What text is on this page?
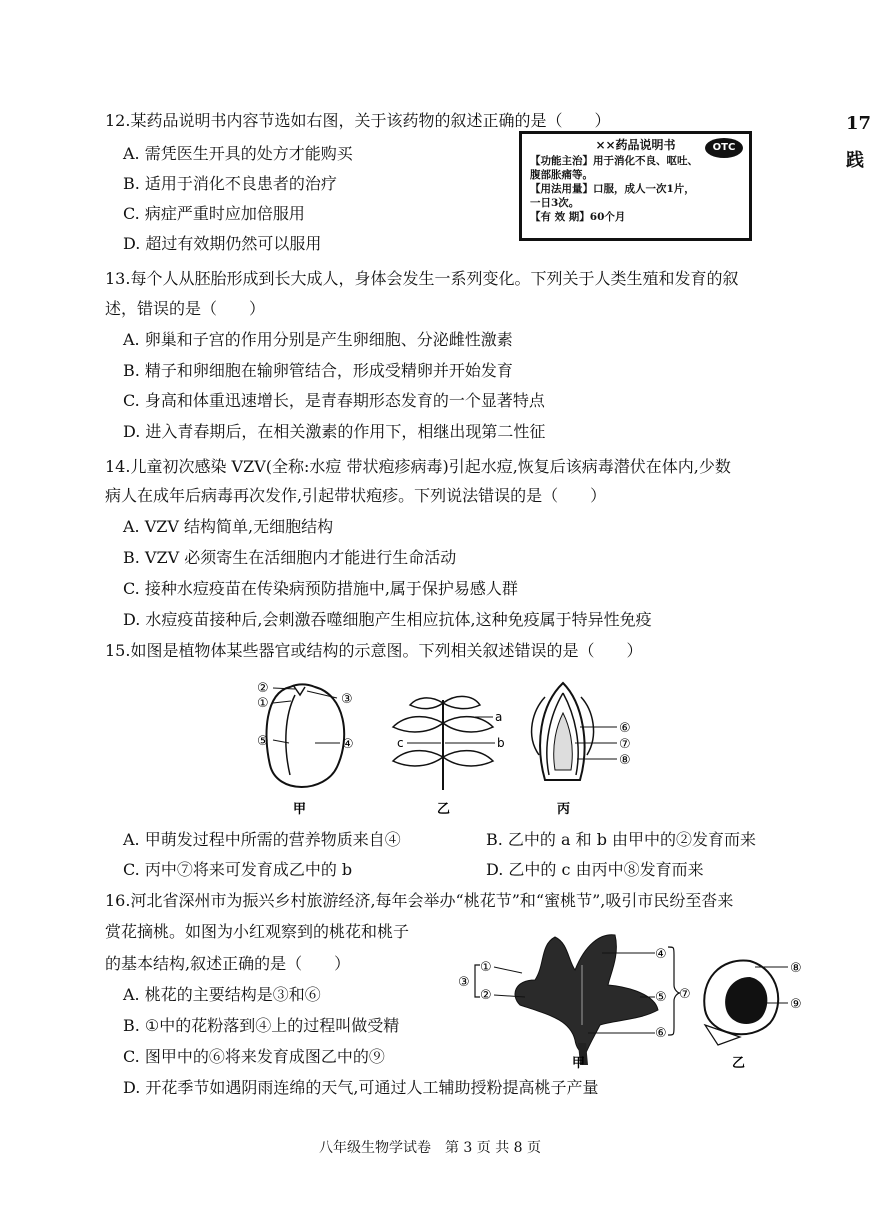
17
践
12.某药品说明书内容节选如右图，关于该药物的叙述正确的是（　　）
A. 需凭医生开具的处方才能购买
B. 适用于消化不良患者的治疗
C. 病症严重时应加倍服用
D. 超过有效期仍然可以服用
××药品说明书	OTC
【功能主治】用于消化不良、呕吐、
腹部胀痛等。
【用法用量】口服，成人一次1片，
一日3次。
【有 效 期】60个月
13.每个人从胚胎形成到长大成人，身体会发生一系列变化。下列关于人类生殖和发育的叙
述，错误的是（　　）
A. 卵巢和子宫的作用分别是产生卵细胞、分泌雌性激素
B. 精子和卵细胞在输卵管结合，形成受精卵并开始发育
C. 身高和体重迅速增长，是青春期形态发育的一个显著特点
D. 进入青春期后，在相关激素的作用下，相继出现第二性征
14.儿童初次感染 VZV(全称:水痘 带状疱疹病毒)引起水痘,恢复后该病毒潜伏在体内,少数
病人在成年后病毒再次发作,引起带状疱疹。下列说法错误的是（　　）
A. VZV 结构简单,无细胞结构
B. VZV 必须寄生在活细胞内才能进行生命活动
C. 接种水痘疫苗在传染病预防措施中,属于保护易感人群
D. 水痘疫苗接种后,会刺激吞噬细胞产生相应抗体,这种免疫属于特异性免疫
15.如图是植物体某些器官或结构的示意图。下列相关叙述错误的是（　　）
②
①	③
⑤	④
a
b
c
⑥
⑦
⑧
甲	乙	丙
A. 甲萌发过程中所需的营养物质来自④	B. 乙中的 a 和 b 由甲中的②发育而来
C. 丙中⑦将来可发育成乙中的 b	D. 乙中的 c 由丙中⑧发育而来
16.河北省深州市为振兴乡村旅游经济,每年会举办“桃花节”和“蜜桃节”,吸引市民纷至沓来
赏花摘桃。如图为小红观察到的桃花和桃子
的基本结构,叙述正确的是（　　）
A. 桃花的主要结构是③和⑥
B. ①中的花粉落到④上的过程叫做受精
C. 图甲中的⑥将来发育成图乙中的⑨
D. 开花季节如遇阴雨连绵的天气,可通过人工辅助授粉提高桃子产量
①
②
③
④
⑤
⑥
⑦
⑧
⑨
甲	乙
八年级生物学试卷　第 3 页 共 8 页
